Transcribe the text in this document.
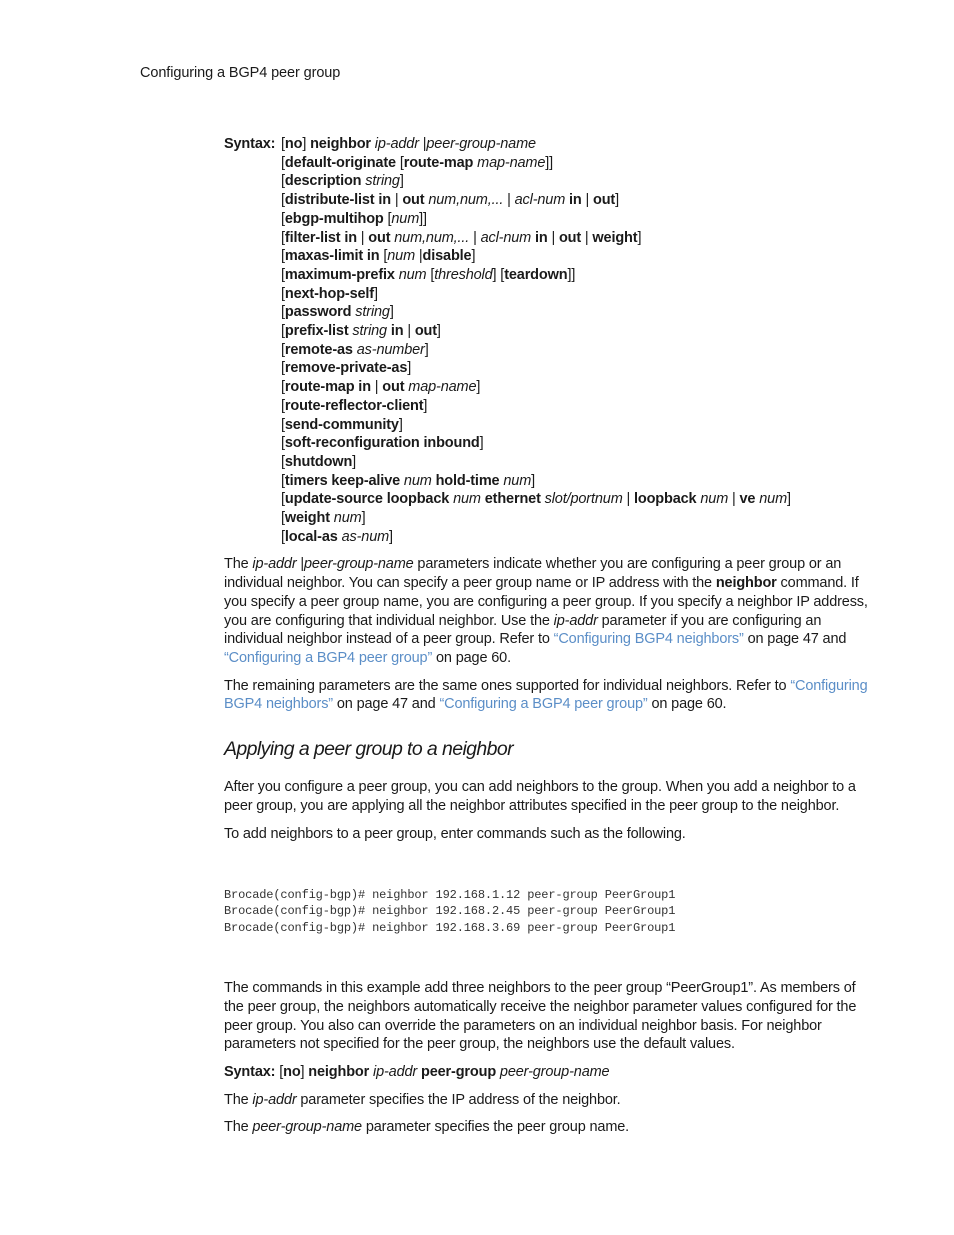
Configuring a BGP4 peer group
Syntax: [no] neighbor ip-addr |peer-group-name
[default-originate [route-map map-name]]
[description string]
[distribute-list in | out num,num,... | acl-num in | out]
[ebgp-multihop [num]]
[filter-list in | out num,num,... | acl-num in | out | weight]
[maxas-limit in [num |disable]
[maximum-prefix num [threshold] [teardown]]
[next-hop-self]
[password string]
[prefix-list string in | out]
[remote-as as-number]
[remove-private-as]
[route-map in | out map-name]
[route-reflector-client]
[send-community]
[soft-reconfiguration inbound]
[shutdown]
[timers keep-alive num hold-time num]
[update-source loopback num ethernet slot/portnum | loopback num | ve num]
[weight num]
[local-as as-num]

The ip-addr |peer-group-name parameters indicate whether you are configuring a peer group or an individual neighbor. You can specify a peer group name or IP address with the neighbor command. If you specify a peer group name, you are configuring a peer group. If you specify a neighbor IP address, you are configuring that individual neighbor. Use the ip-addr parameter if you are configuring an individual neighbor instead of a peer group. Refer to “Configuring BGP4 neighbors” on page 47 and “Configuring a BGP4 peer group” on page 60.

The remaining parameters are the same ones supported for individual neighbors. Refer to “Configuring BGP4 neighbors” on page 47 and “Configuring a BGP4 peer group” on page 60.

Applying a peer group to a neighbor

After you configure a peer group, you can add neighbors to the group. When you add a neighbor to a peer group, you are applying all the neighbor attributes specified in the peer group to the neighbor.

To add neighbors to a peer group, enter commands such as the following.

Brocade(config-bgp)# neighbor 192.168.1.12 peer-group PeerGroup1
Brocade(config-bgp)# neighbor 192.168.2.45 peer-group PeerGroup1
Brocade(config-bgp)# neighbor 192.168.3.69 peer-group PeerGroup1

The commands in this example add three neighbors to the peer group “PeerGroup1”. As members of the peer group, the neighbors automatically receive the neighbor parameter values configured for the peer group. You also can override the parameters on an individual neighbor basis. For neighbor parameters not specified for the peer group, the neighbors use the default values.

Syntax: [no] neighbor ip-addr peer-group peer-group-name

The ip-addr parameter specifies the IP address of the neighbor.

The peer-group-name parameter specifies the peer group name.
